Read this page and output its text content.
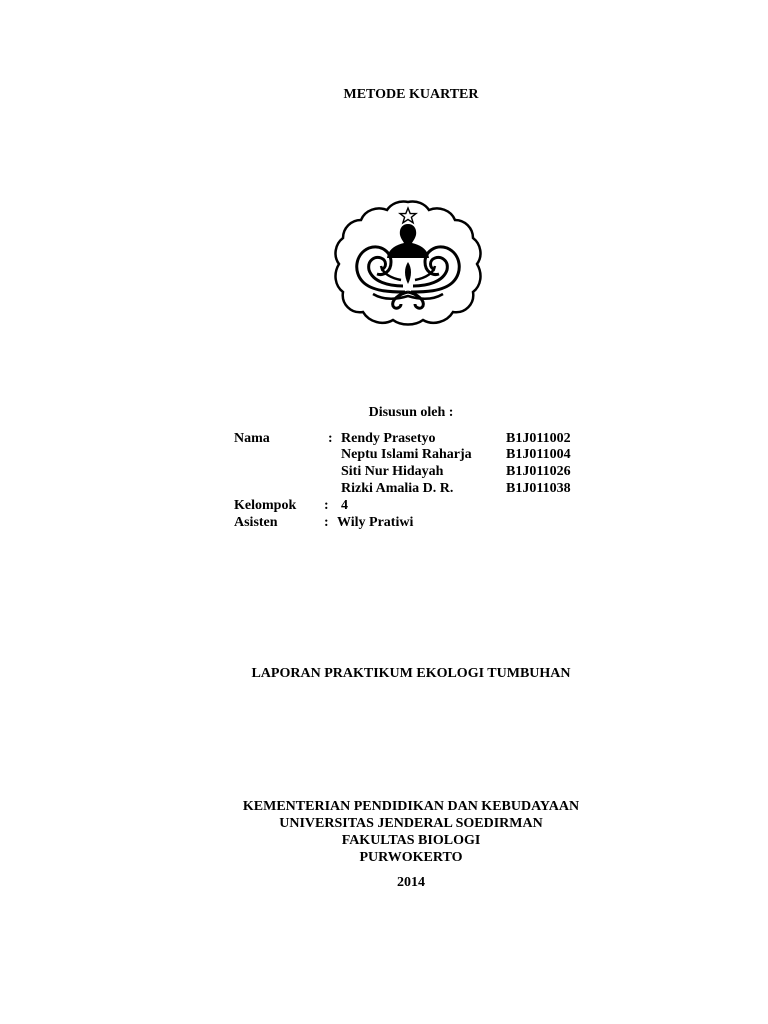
METODE KUARTER
Disusun oleh :
Nama	: Rendy Prasetyo	B1J011002
Neptu Islami Raharja B1J011004
Siti Nur Hidayah	B1J011026
Rizki Amalia D. R.	B1J011038
Kelompok : 4
Asisten	: Wily Pratiwi
LAPORAN PRAKTIKUM EKOLOGI TUMBUHAN
KEMENTERIAN PENDIDIKAN DAN KEBUDAYAAN
UNIVERSITAS JENDERAL SOEDIRMAN
FAKULTAS BIOLOGI
PURWOKERTO
2014
